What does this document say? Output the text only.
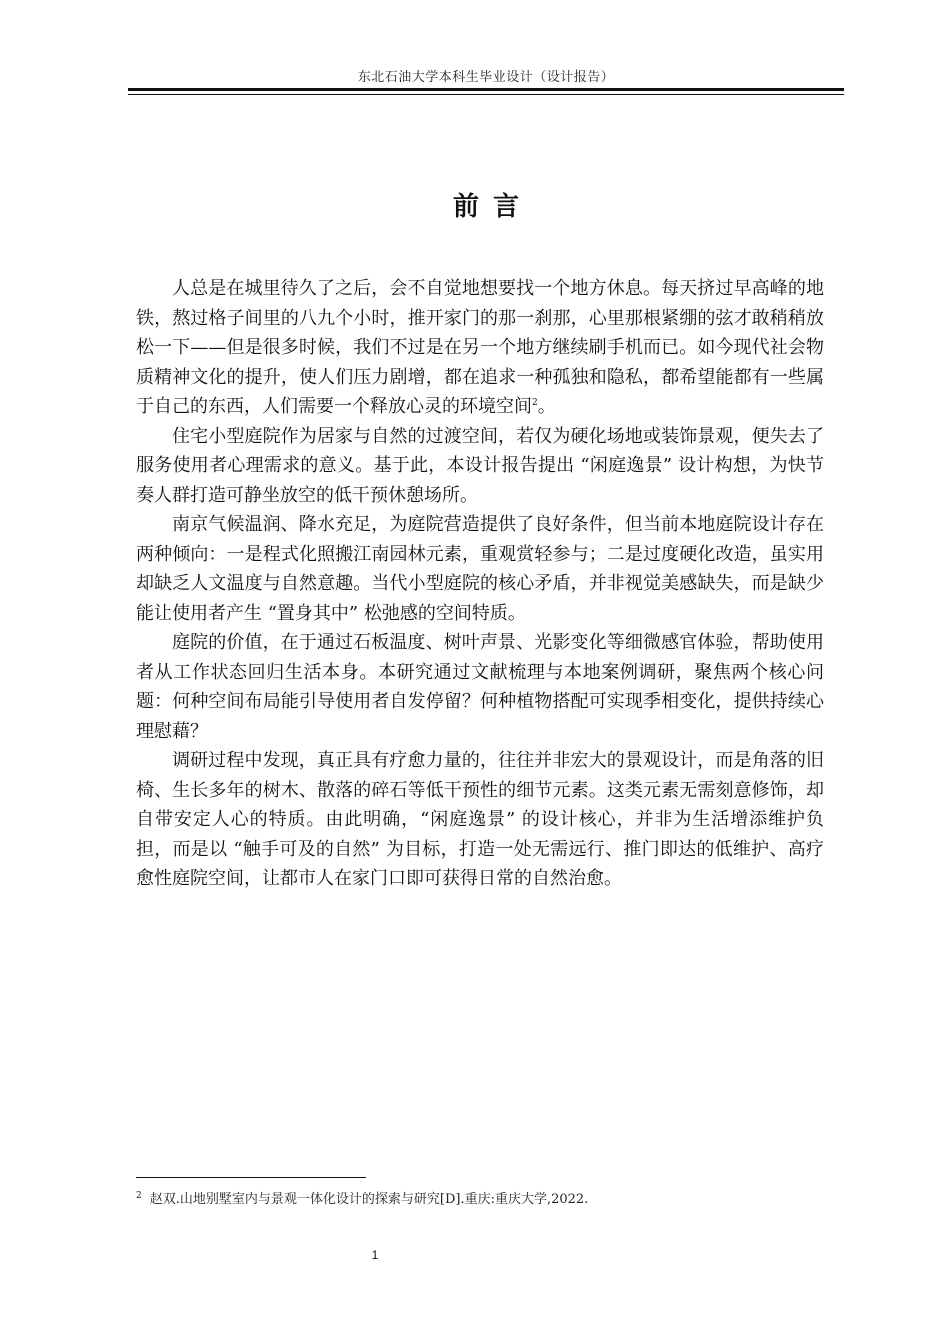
东北石油大学本科生毕业设计（设计报告）
前言

人总是在城里待久了之后，会不自觉地想要找一个地方休息。每天挤过早高峰的地铁，熬过格子间里的八九个小时，推开家门的那一刹那，心里那根紧绷的弦才敢稍稍放松一下——但是很多时候，我们不过是在另一个地方继续刷手机而已。如今现代社会物质精神文化的提升，使人们压力剧增，都在追求一种孤独和隐私，都希望能都有一些属于自己的东西，人们需要一个释放心灵的环境空间$^2$。

住宅小型庭院作为居家与自然的过渡空间，若仅为硬化场地或装饰景观，便失去了服务使用者心理需求的意义。基于此，本设计报告提出 “闲庭逸景” 设计构想，为快节奏人群打造可静坐放空的低干预休憩场所。

南京气候温润、降水充足，为庭院营造提供了良好条件，但当前本地庭院设计存在两种倾向：一是程式化照搬江南园林元素，重观赏轻参与；二是过度硬化改造，虽实用却缺乏人文温度与自然意趣。当代小型庭院的核心矛盾，并非视觉美感缺失，而是缺少能让使用者产生 “置身其中” 松弛感的空间特质。

庭院的价值，在于通过石板温度、树叶声景、光影变化等细微感官体验，帮助使用者从工作状态回归生活本身。本研究通过文献梳理与本地案例调研，聚焦两个核心问题：何种空间布局能引导使用者自发停留？何种植物搭配可实现季相变化，提供持续心理慰藉？

调研过程中发现，真正具有疗愈力量的，往往并非宏大的景观设计，而是角落的旧椅、生长多年的树木、散落的碎石等低干预性的细节元素。这类元素无需刻意修饰，却自带安定人心的特质。由此明确，“闲庭逸景” 的设计核心，并非为生活增添维护负担，而是以 “触手可及的自然” 为目标，打造一处无需远行、推门即达的低维护、高疗愈性庭院空间，让都市人在家门口即可获得日常的自然治愈。

$^2$ 赵双.山地别墅室内与景观一体化设计的探索与研究[D].重庆:重庆大学,2022.
1
